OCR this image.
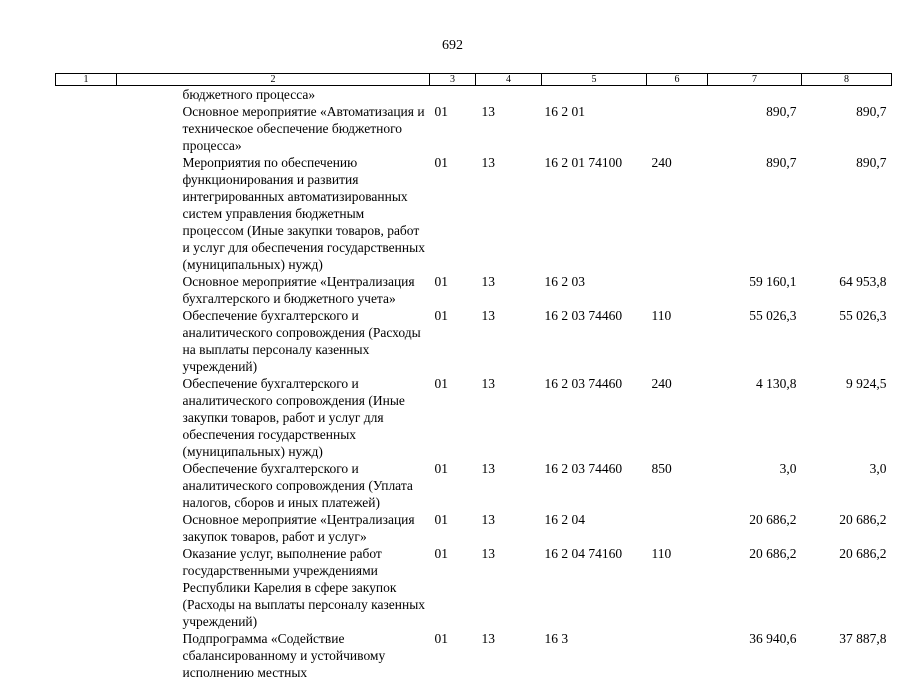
692
1	2	3	4	5	6	7	8
	бюджетного процесса»						
	Основное мероприятие «Автоматизация и техническое обеспечение бюджетного процесса»	01	13	16 2 01		890,7	890,7
	Мероприятия по обеспечению функционирования и развития интегрированных автоматизированных систем управления бюджетным процессом (Иные закупки товаров, работ и услуг для обеспечения государственных (муниципальных) нужд)	01	13	16 2 01 74100	240	890,7	890,7
	Основное мероприятие «Централизация бухгалтерского и бюджетного учета»	01	13	16 2 03		59 160,1	64 953,8
	Обеспечение бухгалтерского и аналитического сопровождения (Расходы на выплаты персоналу казенных учреждений)	01	13	16 2 03 74460	110	55 026,3	55 026,3
	Обеспечение бухгалтерского и аналитического сопровождения (Иные закупки товаров, работ и услуг для обеспечения государственных (муниципальных) нужд)	01	13	16 2 03 74460	240	4 130,8	9 924,5
	Обеспечение бухгалтерского и аналитического сопровождения (Уплата налогов, сборов и иных платежей)	01	13	16 2 03 74460	850	3,0	3,0
	Основное мероприятие «Централизация закупок товаров, работ и услуг»	01	13	16 2 04		20 686,2	20 686,2
	Оказание услуг, выполнение работ государственными учреждениями Республики Карелия в сфере закупок (Расходы на выплаты персоналу казенных учреждений)	01	13	16 2 04 74160	110	20 686,2	20 686,2
	Подпрограмма «Содействие сбалансированному и устойчивому исполнению местных	01	13	16 3		36 940,6	37 887,8
